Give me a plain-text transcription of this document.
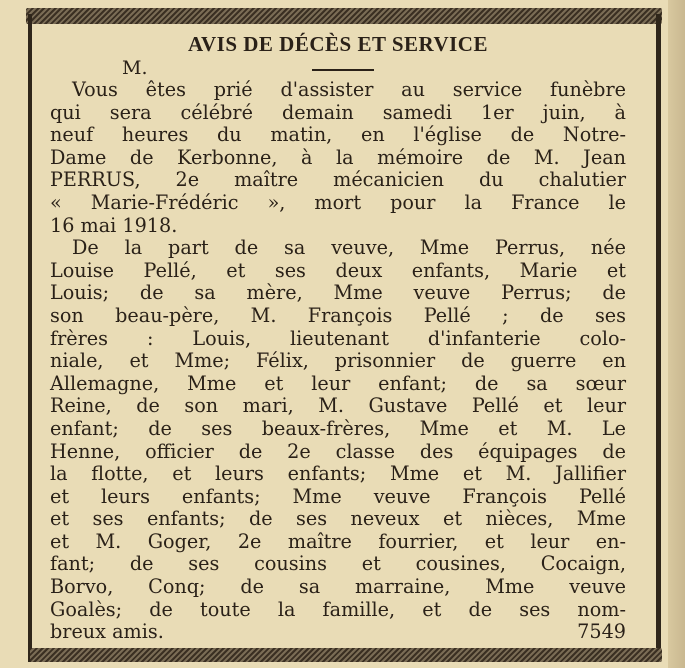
AVIS DE DÉCÈS ET SERVICE
M.

Vous êtes prié d'assister au service funèbre
qui sera célébré demain samedi 1er juin, à
neuf heures du matin, en l'église de Notre-
Dame de Kerbonne, à la mémoire de M. Jean
PERRUS, 2e maître mécanicien du chalutier
« Marie-Frédéric », mort pour la France le
16 mai 1918.

De la part de sa veuve, Mme Perrus, née
Louise Pellé, et ses deux enfants, Marie et
Louis; de sa mère, Mme veuve Perrus; de
son beau-père, M. François Pellé ; de ses
frères : Louis, lieutenant d'infanterie colo-
niale, et Mme; Félix, prisonnier de guerre en
Allemagne, Mme et leur enfant; de sa sœur
Reine, de son mari, M. Gustave Pellé et leur
enfant; de ses beaux-frères, Mme et M. Le
Henne, officier de 2e classe des équipages de
la flotte, et leurs enfants; Mme et M. Jallifier
et leurs enfants; Mme veuve François Pellé
et ses enfants; de ses neveux et nièces, Mme
et M. Goger, 2e maître fourrier, et leur en-
fant; de ses cousins et cousines, Cocaign,
Borvo, Conq; de sa marraine, Mme veuve
Goalès; de toute la famille, et de ses nom-
breux amis.	7549
